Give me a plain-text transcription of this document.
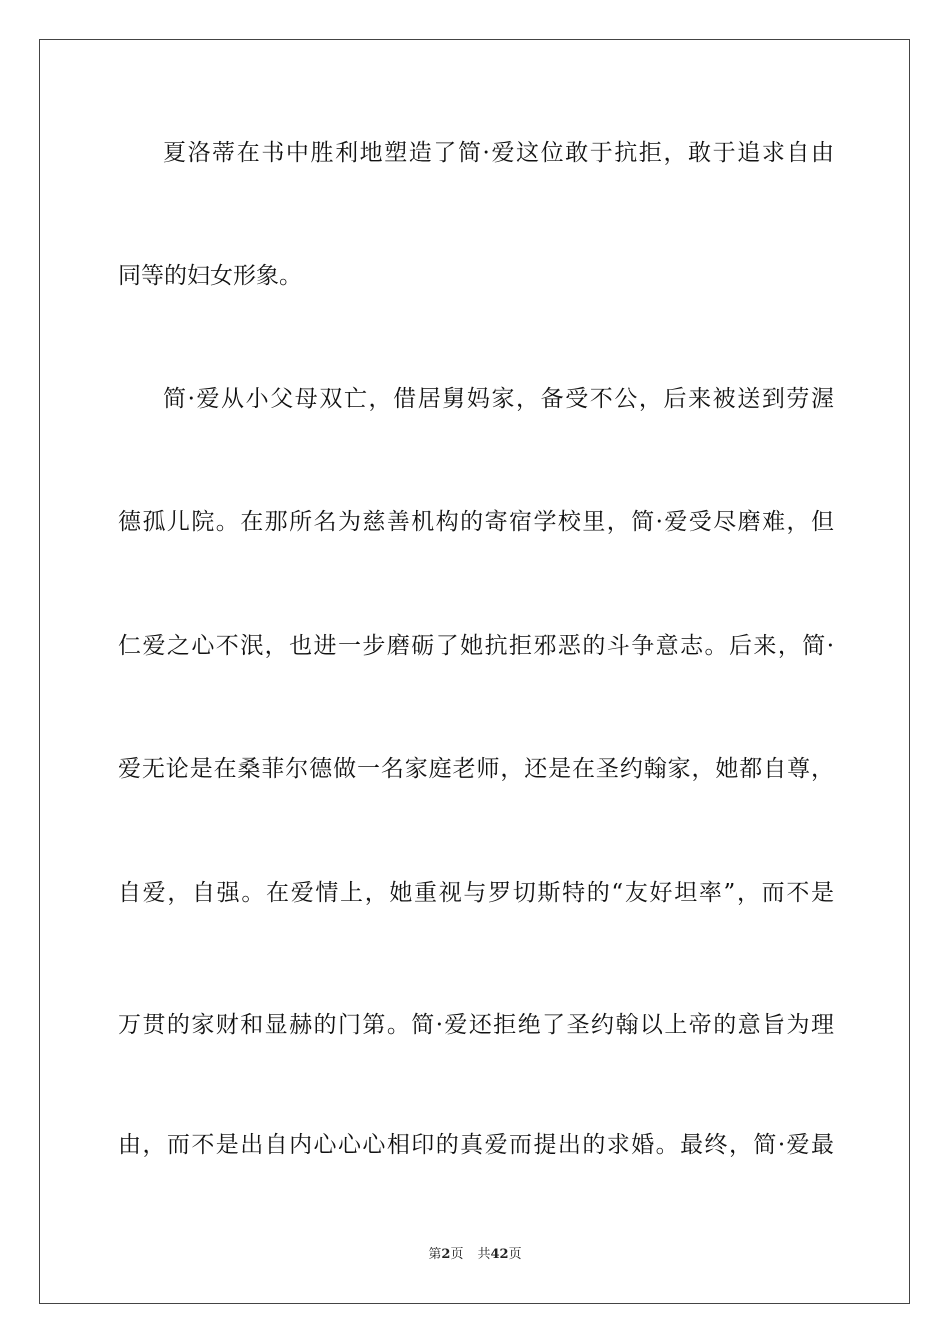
夏洛蒂在书中胜利地塑造了简·爱这位敢于抗拒，敢于追求自由
同等的妇女形象。
简·爱从小父母双亡，借居舅妈家，备受不公，后来被送到劳渥
德孤儿院。在那所名为慈善机构的寄宿学校里，简·爱受尽磨难，但
仁爱之心不泯，也进一步磨砺了她抗拒邪恶的斗争意志。后来，简·
爱无论是在桑菲尔德做一名家庭老师，还是在圣约翰家，她都自尊，
自爱，自强。在爱情上，她重视与罗切斯特的“友好坦率”，而不是
万贯的家财和显赫的门第。简·爱还拒绝了圣约翰以上帝的意旨为理
由，而不是出自内心心心相印的真爱而提出的求婚。最终，简·爱最
第2页 共42页
